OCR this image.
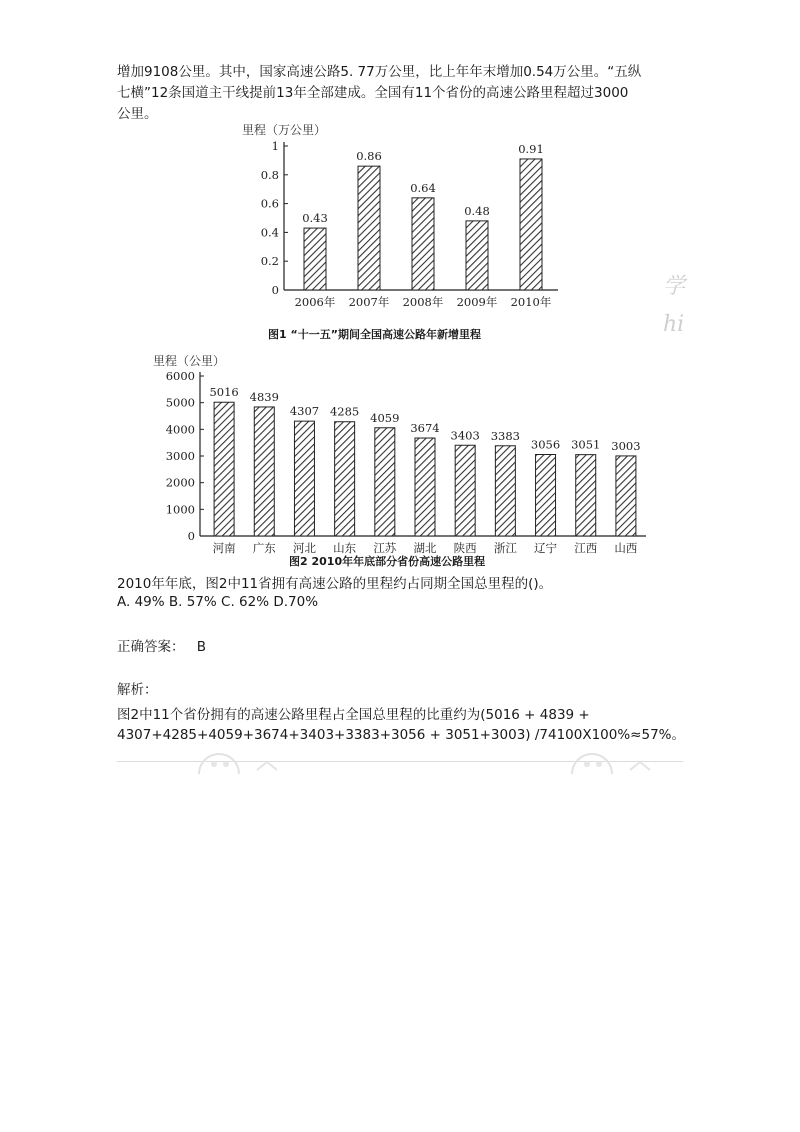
增加9108公里。其中，国家高速公路5. 77万公里，比上年年末增加0.54万公里。“五纵
七横”12条国道主干线提前13年全部建成。全国有11个省份的高速公路里程超过3000
公里。
里程（万公里）
0
0.2
0.4
0.6
0.8
1
0.43
2006年
0.86
2007年
0.64
2008年
0.48
2009年
0.91
2010年
图1 “十一五”期间全国高速公路年新增里程
里程（公里）
0
1000
2000
3000
4000
5000
6000
5016
河南
4839
广东
4307
河北
4285
山东
4059
江苏
3674
湖北
3403
陕西
3383
浙江
3056
辽宁
3051
江西
3003
山西
图2 2010年年底部分省份高速公路里程
2010年年底，图2中11省拥有高速公路的里程约占同期全国总里程的()。
A. 49% B. 57% C. 62% D.70%
正确答案： B
解析：
图2中11个省份拥有的高速公路里程占全国总里程的比重约为(5016 + 4839 +
4307+4285+4059+3674+3403+3383+3056 + 3051+3003) /74100X100%≈57%。
学
hi
